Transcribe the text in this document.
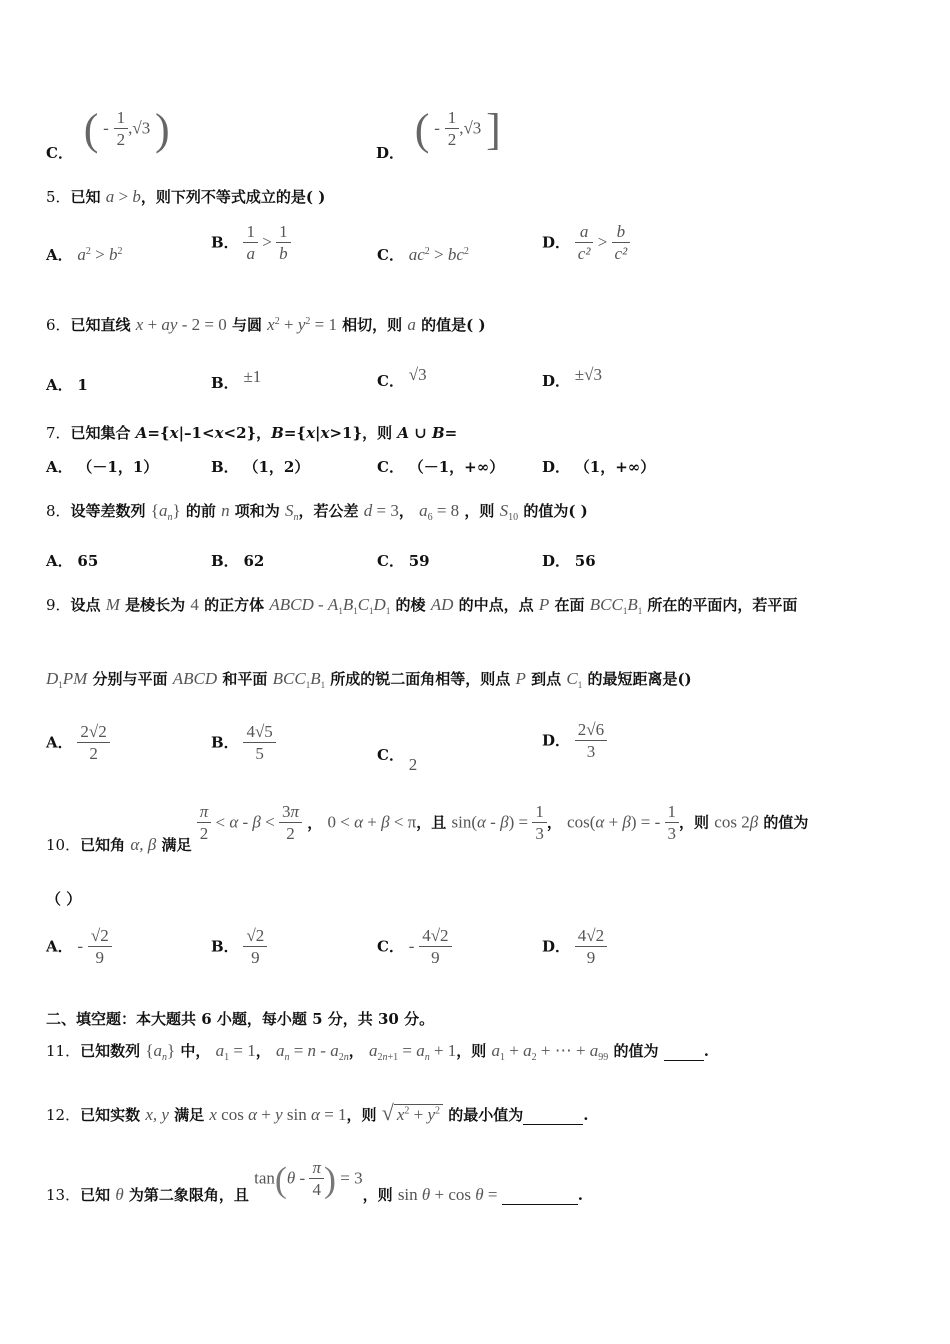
C． ( - $\frac{1}{2} ,√3$ )	D． ( - $\frac{1}{2} ,√3$ ]
5．已知 a > b，则下列不等式成立的是( )
A． $a^2 > b^2$	B． $\frac{1}{a} > \frac{1}{b}$	C． $ac^2 > bc^2$	D． $\frac{a}{\text{c²}} > \frac{b}{\text{c²}}$
6．已知直线 x + ay - 2 = 0 与圆 $x^2 + y^2 = 1$ 相切，则 a 的值是( )
A． 1	B． ±1	C． √3	D． ±√3
7．已知集合 A={x|–1<x<2}，B={x|x>1}，则 A ∪ B=
A． （－1，1）	B． （1，2）	C． （－1，+∞）	D． （1，+∞）
8．设等差数列 $\{a_n\}$ 的前 n 项和为 $S_n$，若公差 d = 3， $a_6 = 8$ ，则 $S_{10}$ 的值为( )
A． 65	B． 62	C． 59	D． 56
9．设点 M 是棱长为 4 的正方体 ABCD - $A_1B_1C_1D_1$ 的棱 AD 的中点，点 P 在面 $BCC_1B_1$ 所在的平面内，若平面
$D_1PM$ 分别与平面 ABCD 和平面 $BCC_1B_1$ 所成的锐二面角相等，则点 P 到点 $C_1$ 的最短距离是()
A． $\frac{2√2}{2}$	B． $\frac{4√5}{5}$	C． 2
D． $\frac{2√6}{3}$
10．已知角 α, β 满足 $\frac{\pi}{2} < \alpha - \beta < \frac{3\pi}{2}$ ， 0 < α + β < π，且 $\sin(\alpha - \beta) = \frac{1}{3}$ ， cos(α + β) = - $\frac{1}{3}$ ，则 cos 2β 的值为
（ ）
A． - $\frac{√2}{9}$	B． $\frac{√2}{9}$	C． - $\frac{4√2}{9}$	D． $\frac{4√2}{9}$
二、填空题：本大题共 6 小题，每小题 5 分，共 30 分。
11．已知数列 $\{a_n\}$ 中， $a_1 = 1$， $a_n = n - a_{2n}$， $a_{2n+1} = a_n + 1$，则 $a_1 + a_2$ + ⋯ + $a_{99}$ 的值为	.
12．已知实数 x, y 满足 x cos α + y sin α = 1，则 √ $x^2 + y^2$ 的最小值为	.
13．已知 θ 为第二象限角，且 $\tan(\theta - \frac{\pi}{4}$ ) = 3，则 sin θ + cos θ =	.
